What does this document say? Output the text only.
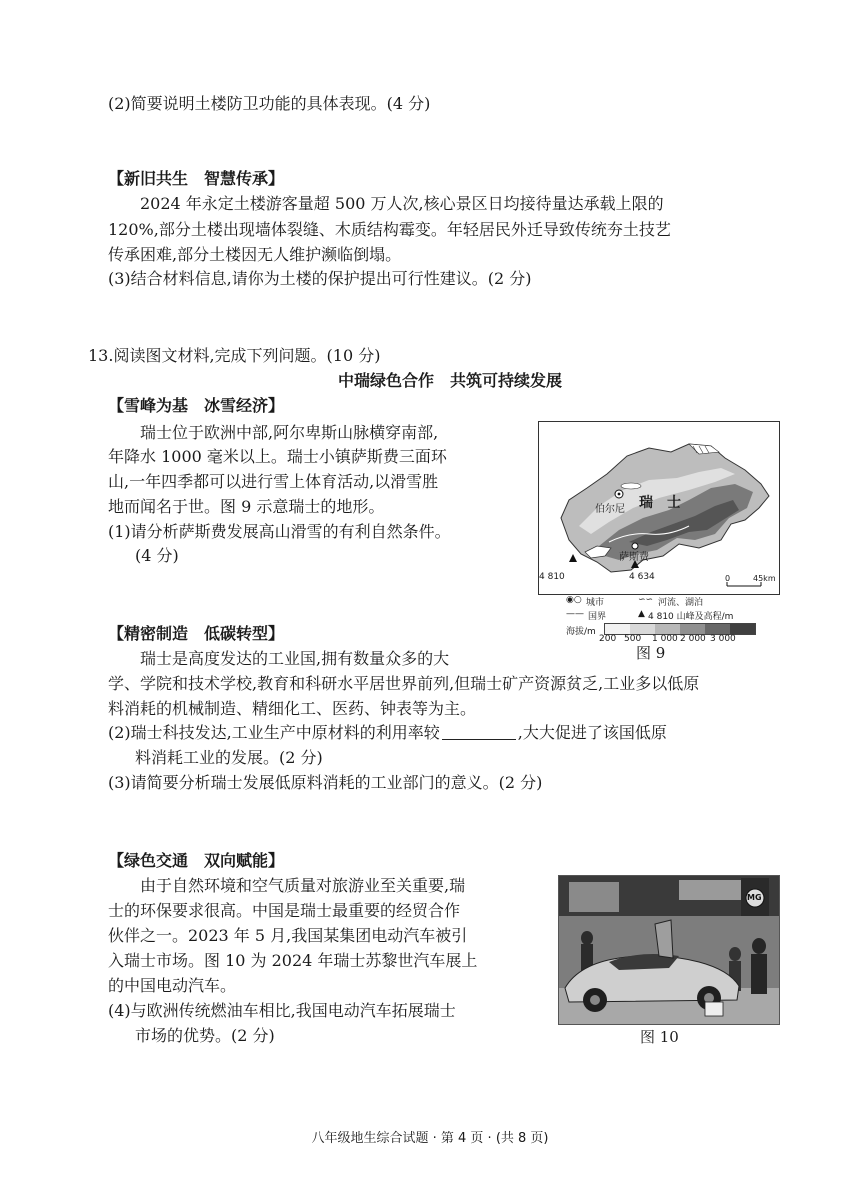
(2)简要说明土楼防卫功能的具体表现。(4 分)
【新旧共生　智慧传承】
2024 年永定土楼游客量超 500 万人次,核心景区日均接待量达承载上限的
120%,部分土楼出现墙体裂缝、木质结构霉变。年轻居民外迁导致传统夯土技艺
传承困难,部分土楼因无人维护濒临倒塌。
(3)结合材料信息,请你为土楼的保护提出可行性建议。(2 分)
13.阅读图文材料,完成下列问题。(10 分)
中瑞绿色合作　共筑可持续发展
【雪峰为基　冰雪经济】
瑞士位于欧洲中部,阿尔卑斯山脉横穿南部,
年降水 1000 毫米以上。瑞士小镇萨斯费三面环
山,一年四季都可以进行雪上体育活动,以滑雪胜
地而闻名于世。图 9 示意瑞士的地形。
(1)请分析萨斯费发展高山滑雪的有利自然条件。
(4 分)
瑞　士
伯尔尼
萨斯费
4 810	4 634	0	45km
◉○ 城市	∽∽ 河流、湖泊
—— 国界	▲ 4 810 山峰及高程/m
海拔/m
200 500 1 000 2 000 3 000
图 9
【精密制造　低碳转型】
瑞士是高度发达的工业国,拥有数量众多的大
学、学院和技术学校,教育和科研水平居世界前列,但瑞士矿产资源贫乏,工业多以低原
料消耗的机械制造、精细化工、医药、钟表等为主。
(2)瑞士科技发达,工业生产中原材料的利用率较	,大大促进了该国低原
料消耗工业的发展。(2 分)
(3)请简要分析瑞士发展低原料消耗的工业部门的意义。(2 分)
【绿色交通　双向赋能】
由于自然环境和空气质量对旅游业至关重要,瑞
士的环保要求很高。中国是瑞士最重要的经贸合作
伙伴之一。2023 年 5 月,我国某集团电动汽车被引
入瑞士市场。图 10 为 2024 年瑞士苏黎世汽车展上
的中国电动汽车。
(4)与欧洲传统燃油车相比,我国电动汽车拓展瑞士
市场的优势。(2 分)
MG
图 10
八年级地生综合试题 · 第 4 页 · (共 8 页)
